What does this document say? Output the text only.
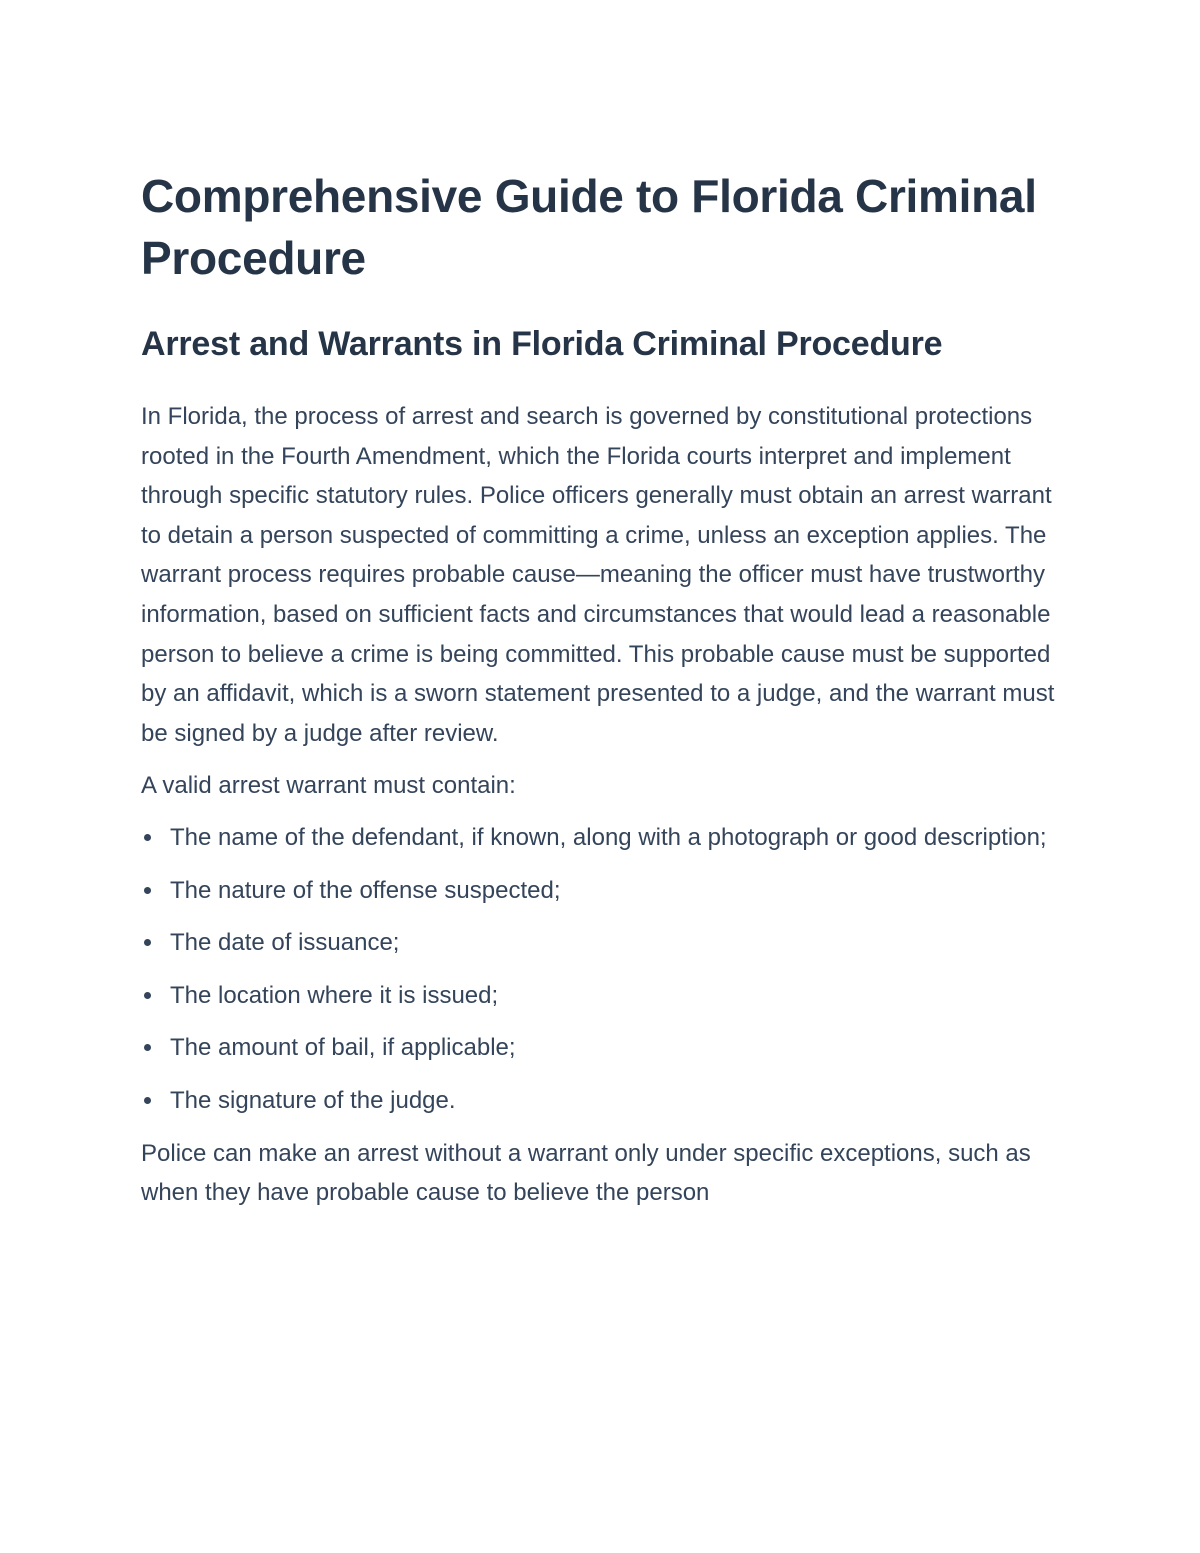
Comprehensive Guide to Florida Criminal Procedure
Arrest and Warrants in Florida Criminal Procedure

In Florida, the process of arrest and search is governed by constitutional protections rooted in the Fourth Amendment, which the Florida courts interpret and implement through specific statutory rules. Police officers generally must obtain an arrest warrant to detain a person suspected of committing a crime, unless an exception applies. The warrant process requires probable cause—meaning the officer must have trustworthy information, based on sufficient facts and circumstances that would lead a reasonable person to believe a crime is being committed. This probable cause must be supported by an affidavit, which is a sworn statement presented to a judge, and the warrant must be signed by a judge after review.

A valid arrest warrant must contain:

The name of the defendant, if known, along with a photograph or good description;
The nature of the offense suspected;
The date of issuance;
The location where it is issued;
The amount of bail, if applicable;
The signature of the judge.

Police can make an arrest without a warrant only under specific exceptions, such as when they have probable cause to believe the person
